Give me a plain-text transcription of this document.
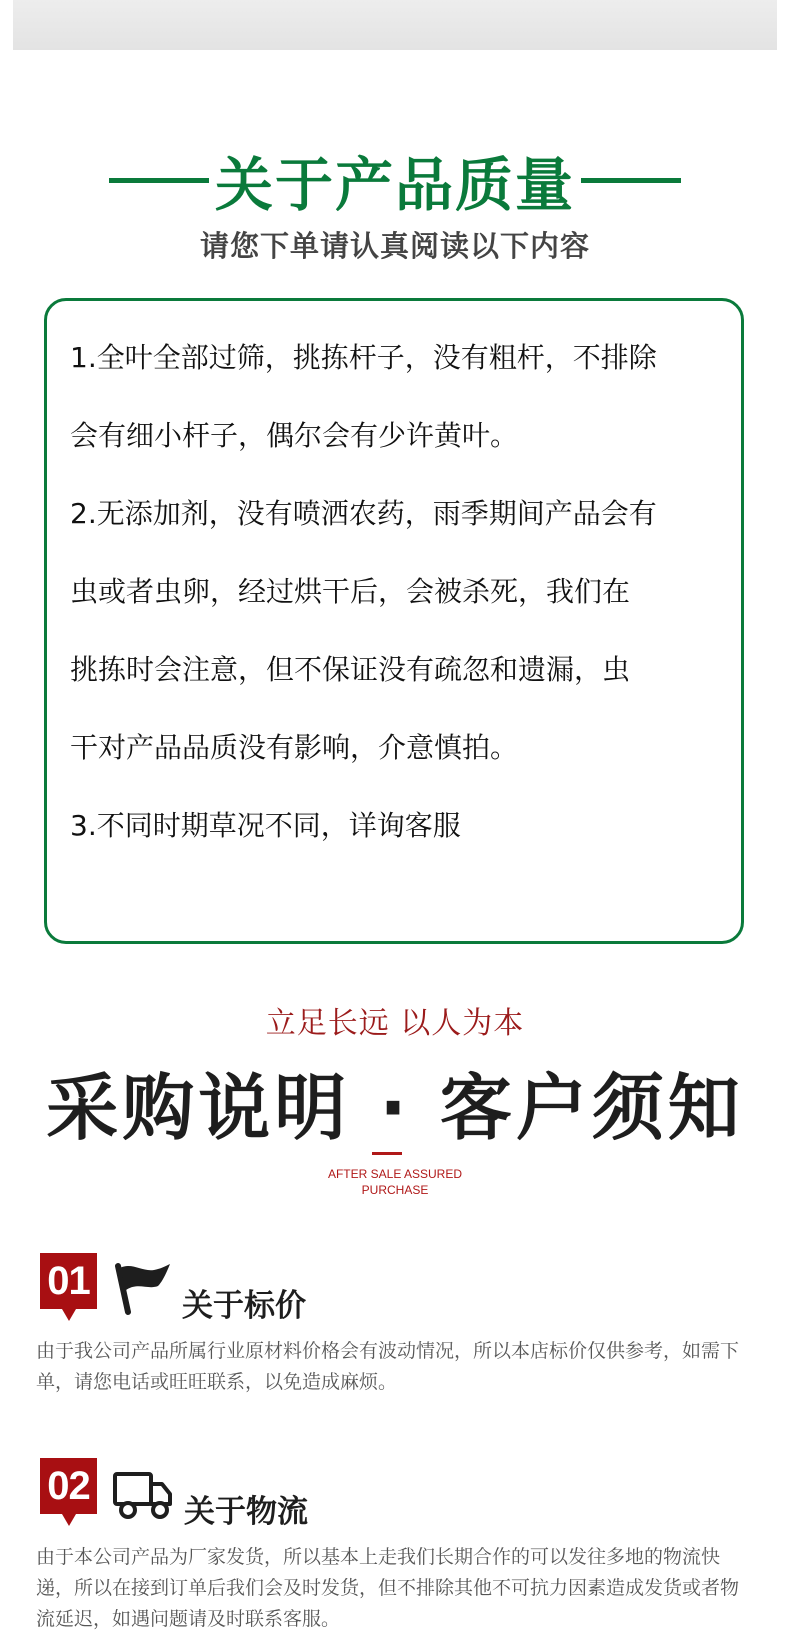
关于产品质量
请您下单请认真阅读以下内容
1.全叶全部过筛，挑拣杆子，没有粗杆，不排除
会有细小杆子，偶尔会有少许黄叶。
2.无添加剂，没有喷洒农药，雨季期间产品会有
虫或者虫卵，经过烘干后，会被杀死，我们在
挑拣时会注意，但不保证没有疏忽和遗漏，虫
干对产品品质没有影响，介意慎拍。
3.不同时期草况不同，详询客服
立足长远 以人为本
采购说明 · 客户须知
AFTER SALE ASSURED
PURCHASE
01
关于标价
由于我公司产品所属行业原材料价格会有波动情况，所以本店标价仅供参考，如需下单，请您电话或旺旺联系，以免造成麻烦。
02
关于物流
由于本公司产品为厂家发货，所以基本上走我们长期合作的可以发往多地的物流快递，所以在接到订单后我们会及时发货，但不排除其他不可抗力因素造成发货或者物流延迟，如遇问题请及时联系客服。
